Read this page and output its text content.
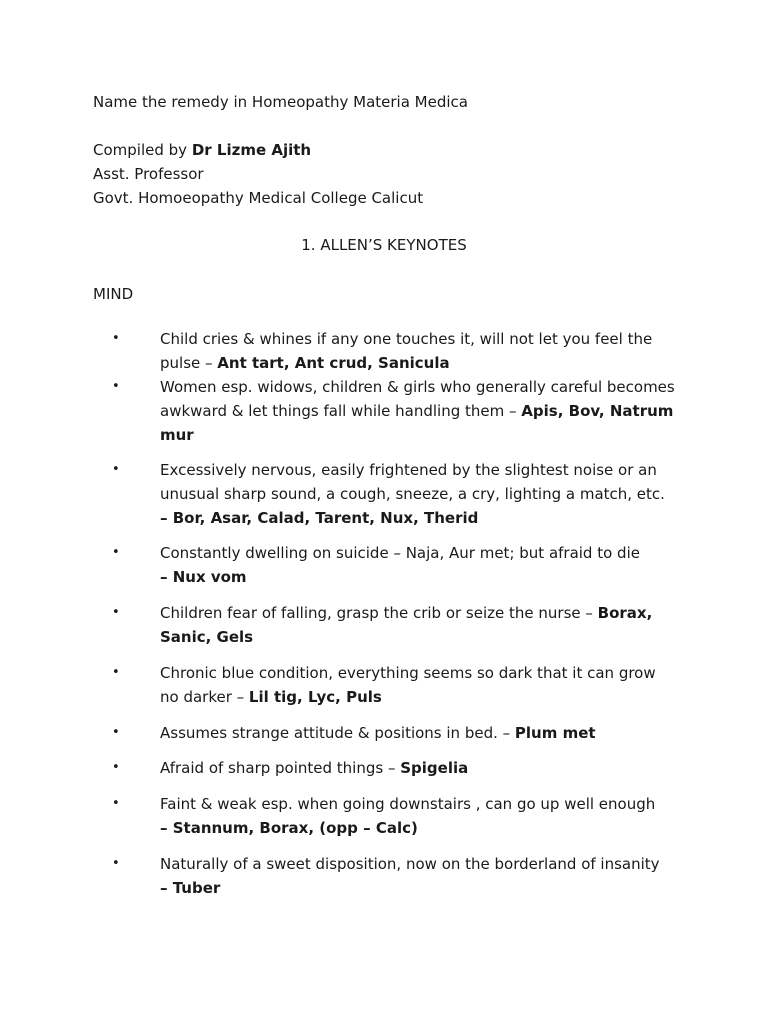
Name the remedy in Homeopathy Materia Medica
Compiled by Dr Lizme Ajith
Asst. Professor
Govt. Homoeopathy Medical College Calicut
1. ALLEN’S KEYNOTES
MIND
•	Child cries & whines if any one touches it, will not let you feel the
pulse – Ant tart, Ant crud, Sanicula
•	Women esp. widows, children & girls who generally careful becomes
awkward & let things fall while handling them – Apis, Bov, Natrum
mur
•	Excessively nervous, easily frightened by the slightest noise or an
unusual sharp sound, a cough, sneeze, a cry, lighting a match, etc.
– Bor, Asar, Calad, Tarent, Nux, Therid
•	Constantly dwelling on suicide – Naja, Aur met; but afraid to die
– Nux vom
•	Children fear of falling, grasp the crib or seize the nurse – Borax,
Sanic, Gels
•	Chronic blue condition, everything seems so dark that it can grow
no darker – Lil tig, Lyc, Puls
•	Assumes strange attitude & positions in bed. – Plum met
•	Afraid of sharp pointed things – Spigelia
•	Faint & weak esp. when going downstairs , can go up well enough
– Stannum, Borax, (opp – Calc)
•	Naturally of a sweet disposition, now on the borderland of insanity
– Tuber
